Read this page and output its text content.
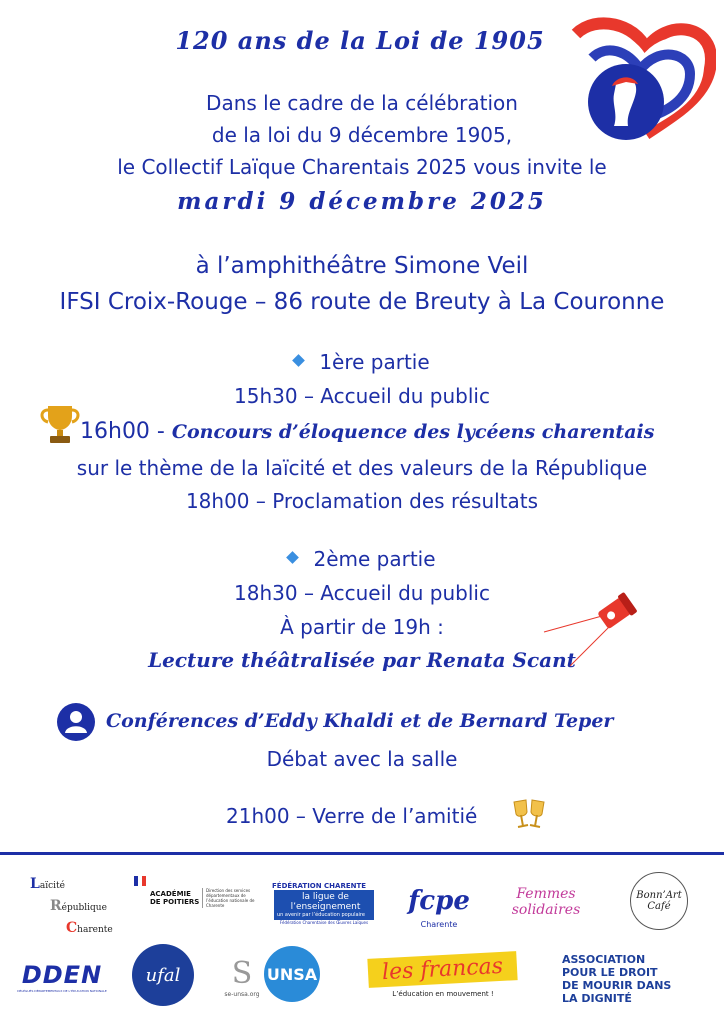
120 ans de la Loi de 1905
Dans le cadre de la célébration
de la loi du 9 décembre 1905,
le Collectif Laïque Charentais 2025 vous invite le
mardi 9 décembre 2025
à l’amphithéâtre Simone Veil
IFSI Croix-Rouge – 86 route de Breuty à La Couronne
1ère partie
15h30 – Accueil du public
16h00 - Concours d’éloquence des lycéens charentais
sur le thème de la laïcité et des valeurs de la République
18h00 – Proclamation des résultats
2ème partie
18h30 – Accueil du public
À partir de 19h :
Lecture théâtralisée par Renata Scant
Conférences d’Eddy Khaldi et de Bernard Teper
Débat avec la salle
21h00 – Verre de l’amitié
Laïcité
République
Charente
ACADÉMIE DE POITIERS
Direction des services départementaux de l’éducation nationale de Charente
FÉDÉRATION CHARENTE
la ligue de l’enseignement
un avenir par l’éducation populaire
Fédération Charentaise des Œuvres Laïques
fcpe
Charente
Femmes solidaires
Bonn’Art Café
DDEN
DÉLÉGUÉS DÉPARTEMENTAUX DE L’ÉDUCATION NATIONALE
ufal	S
se-unsa.org
UNSA	les francas
L’éducation en mouvement !
ASSOCIATION
POUR LE DROIT
DE MOURIR DANS
LA DIGNITÉ
